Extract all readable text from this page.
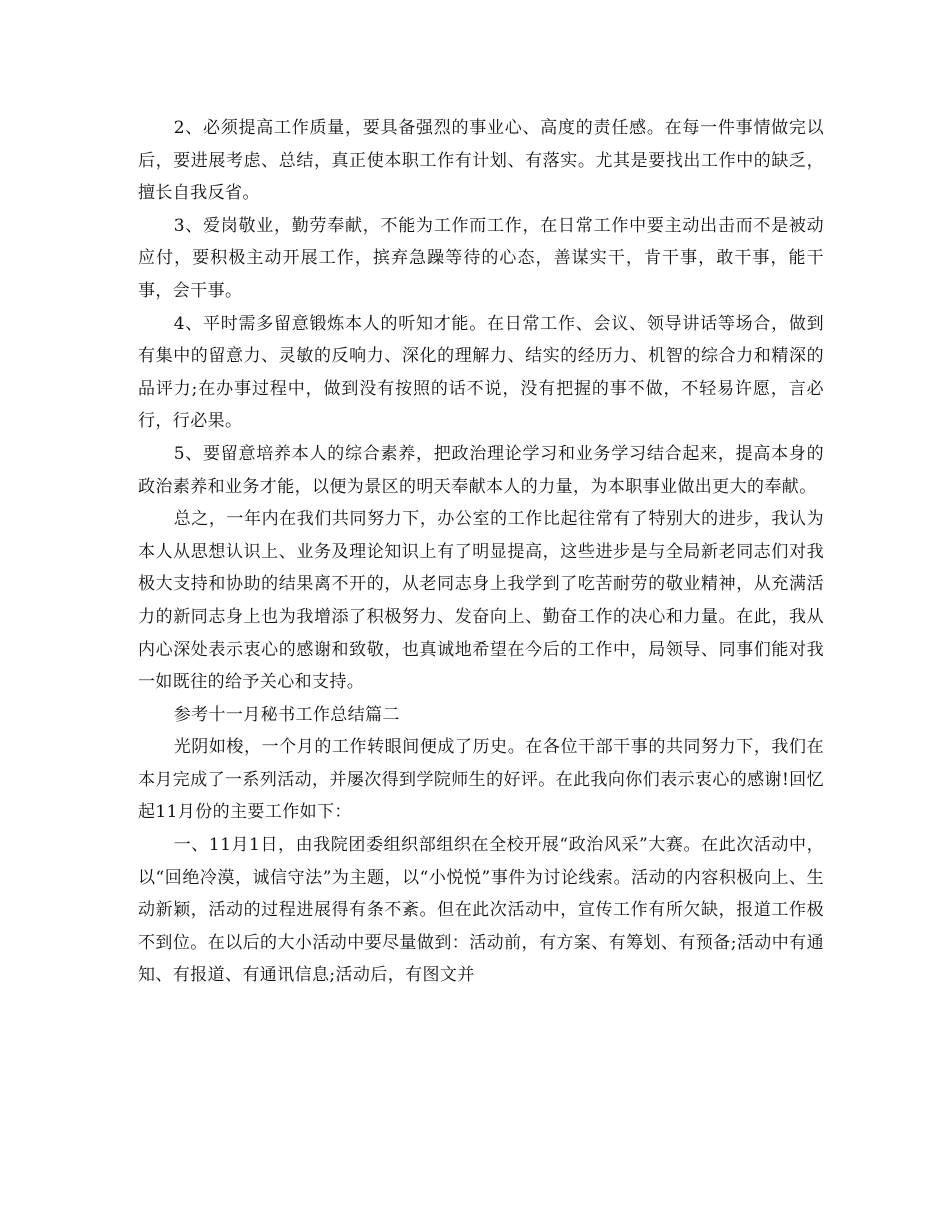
2、必须提高工作质量，要具备强烈的事业心、高度的责任感。在每一件事情做完以后，要进展考虑、总结，真正使本职工作有计划、有落实。尤其是要找出工作中的缺乏，擅长自我反省。

3、爱岗敬业，勤劳奉献，不能为工作而工作，在日常工作中要主动出击而不是被动应付，要积极主动开展工作，摈弃急躁等待的心态，善谋实干，肯干事，敢干事，能干事，会干事。

4、平时需多留意锻炼本人的听知才能。在日常工作、会议、领导讲话等场合，做到有集中的留意力、灵敏的反响力、深化的理解力、结实的经历力、机智的综合力和精深的品评力;在办事过程中，做到没有按照的话不说，没有把握的事不做，不轻易许愿，言必行，行必果。

5、要留意培养本人的综合素养，把政治理论学习和业务学习结合起来，提高本身的政治素养和业务才能，以便为景区的明天奉献本人的力量，为本职事业做出更大的奉献。

总之，一年内在我们共同努力下，办公室的工作比起往常有了特别大的进步，我认为本人从思想认识上、业务及理论知识上有了明显提高，这些进步是与全局新老同志们对我极大支持和协助的结果离不开的，从老同志身上我学到了吃苦耐劳的敬业精神，从充满活力的新同志身上也为我增添了积极努力、发奋向上、勤奋工作的决心和力量。在此，我从内心深处表示衷心的感谢和致敬，也真诚地希望在今后的工作中，局领导、同事们能对我一如既往的给予关心和支持。

参考十一月秘书工作总结篇二

光阴如梭，一个月的工作转眼间便成了历史。在各位干部干事的共同努力下，我们在本月完成了一系列活动，并屡次得到学院师生的好评。在此我向你们表示衷心的感谢!回忆起11月份的主要工作如下：

一、11月1日，由我院团委组织部组织在全校开展“政治风采”大赛。在此次活动中，以“回绝冷漠，诚信守法”为主题，以“小悦悦”事件为讨论线索。活动的内容积极向上、生动新颖，活动的过程进展得有条不紊。但在此次活动中，宣传工作有所欠缺，报道工作极不到位。在以后的大小活动中要尽量做到：活动前，有方案、有筹划、有预备;活动中有通知、有报道、有通讯信息;活动后，有图文并
